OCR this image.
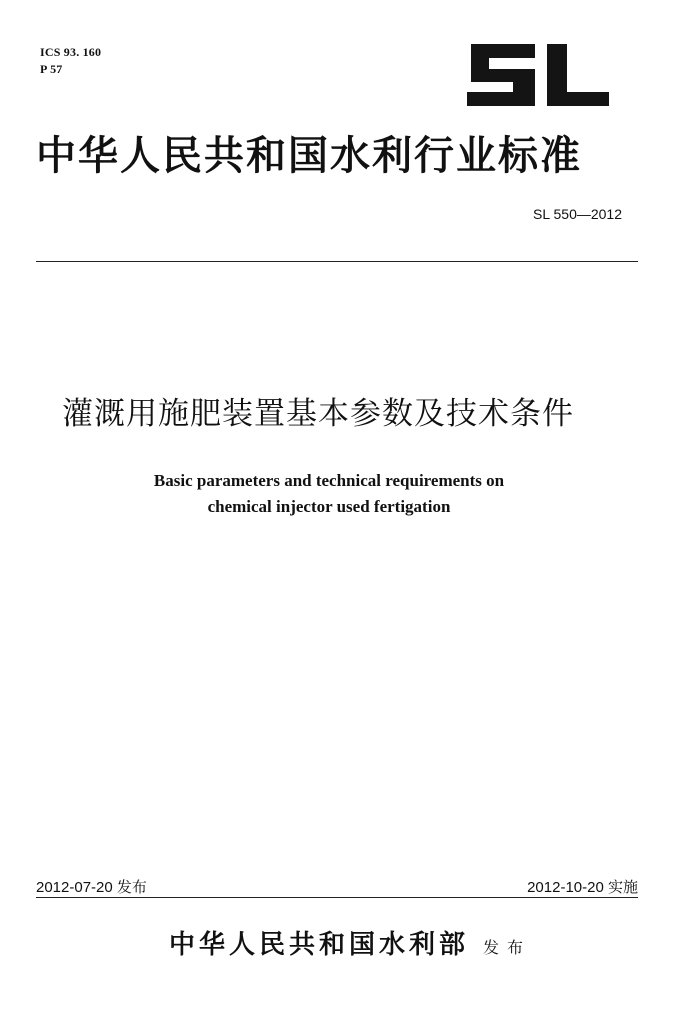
ICS 93. 160
P 57
中华人民共和国水利行业标准
SL 550—2012
灌溉用施肥装置基本参数及技术条件
Basic parameters and technical requirements on
chemical injector used fertigation
2012-07-20 发布	2012-10-20 实施
中华人民共和国水利部 发布
